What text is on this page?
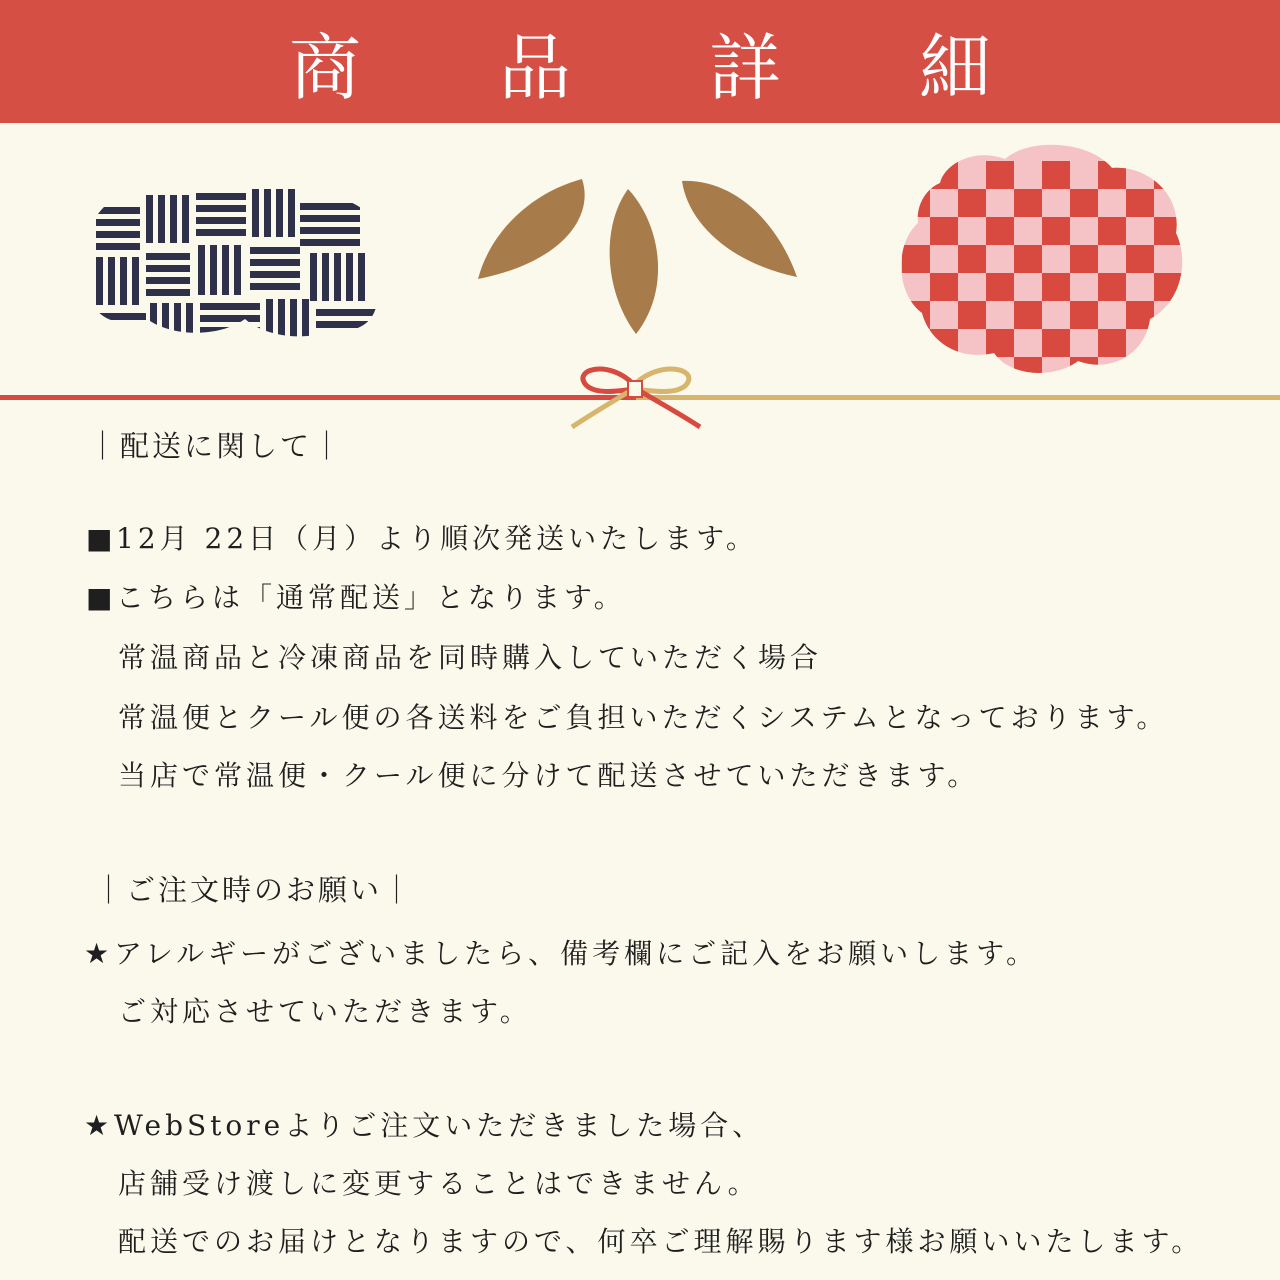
商品詳細
｜配送に関して｜
■12月 22日（月）より順次発送いたします。
■こちらは「通常配送」となります。
常温商品と冷凍商品を同時購入していただく場合
常温便とクール便の各送料をご負担いただくシステムとなっております。
当店で常温便・クール便に分けて配送させていただきます。
｜ご注文時のお願い｜
★アレルギーがございましたら、備考欄にご記入をお願いします。
ご対応させていただきます。
★WebStoreよりご注文いただきました場合、
店舗受け渡しに変更することはできません。
配送でのお届けとなりますので、何卒ご理解賜ります様お願いいたします。
